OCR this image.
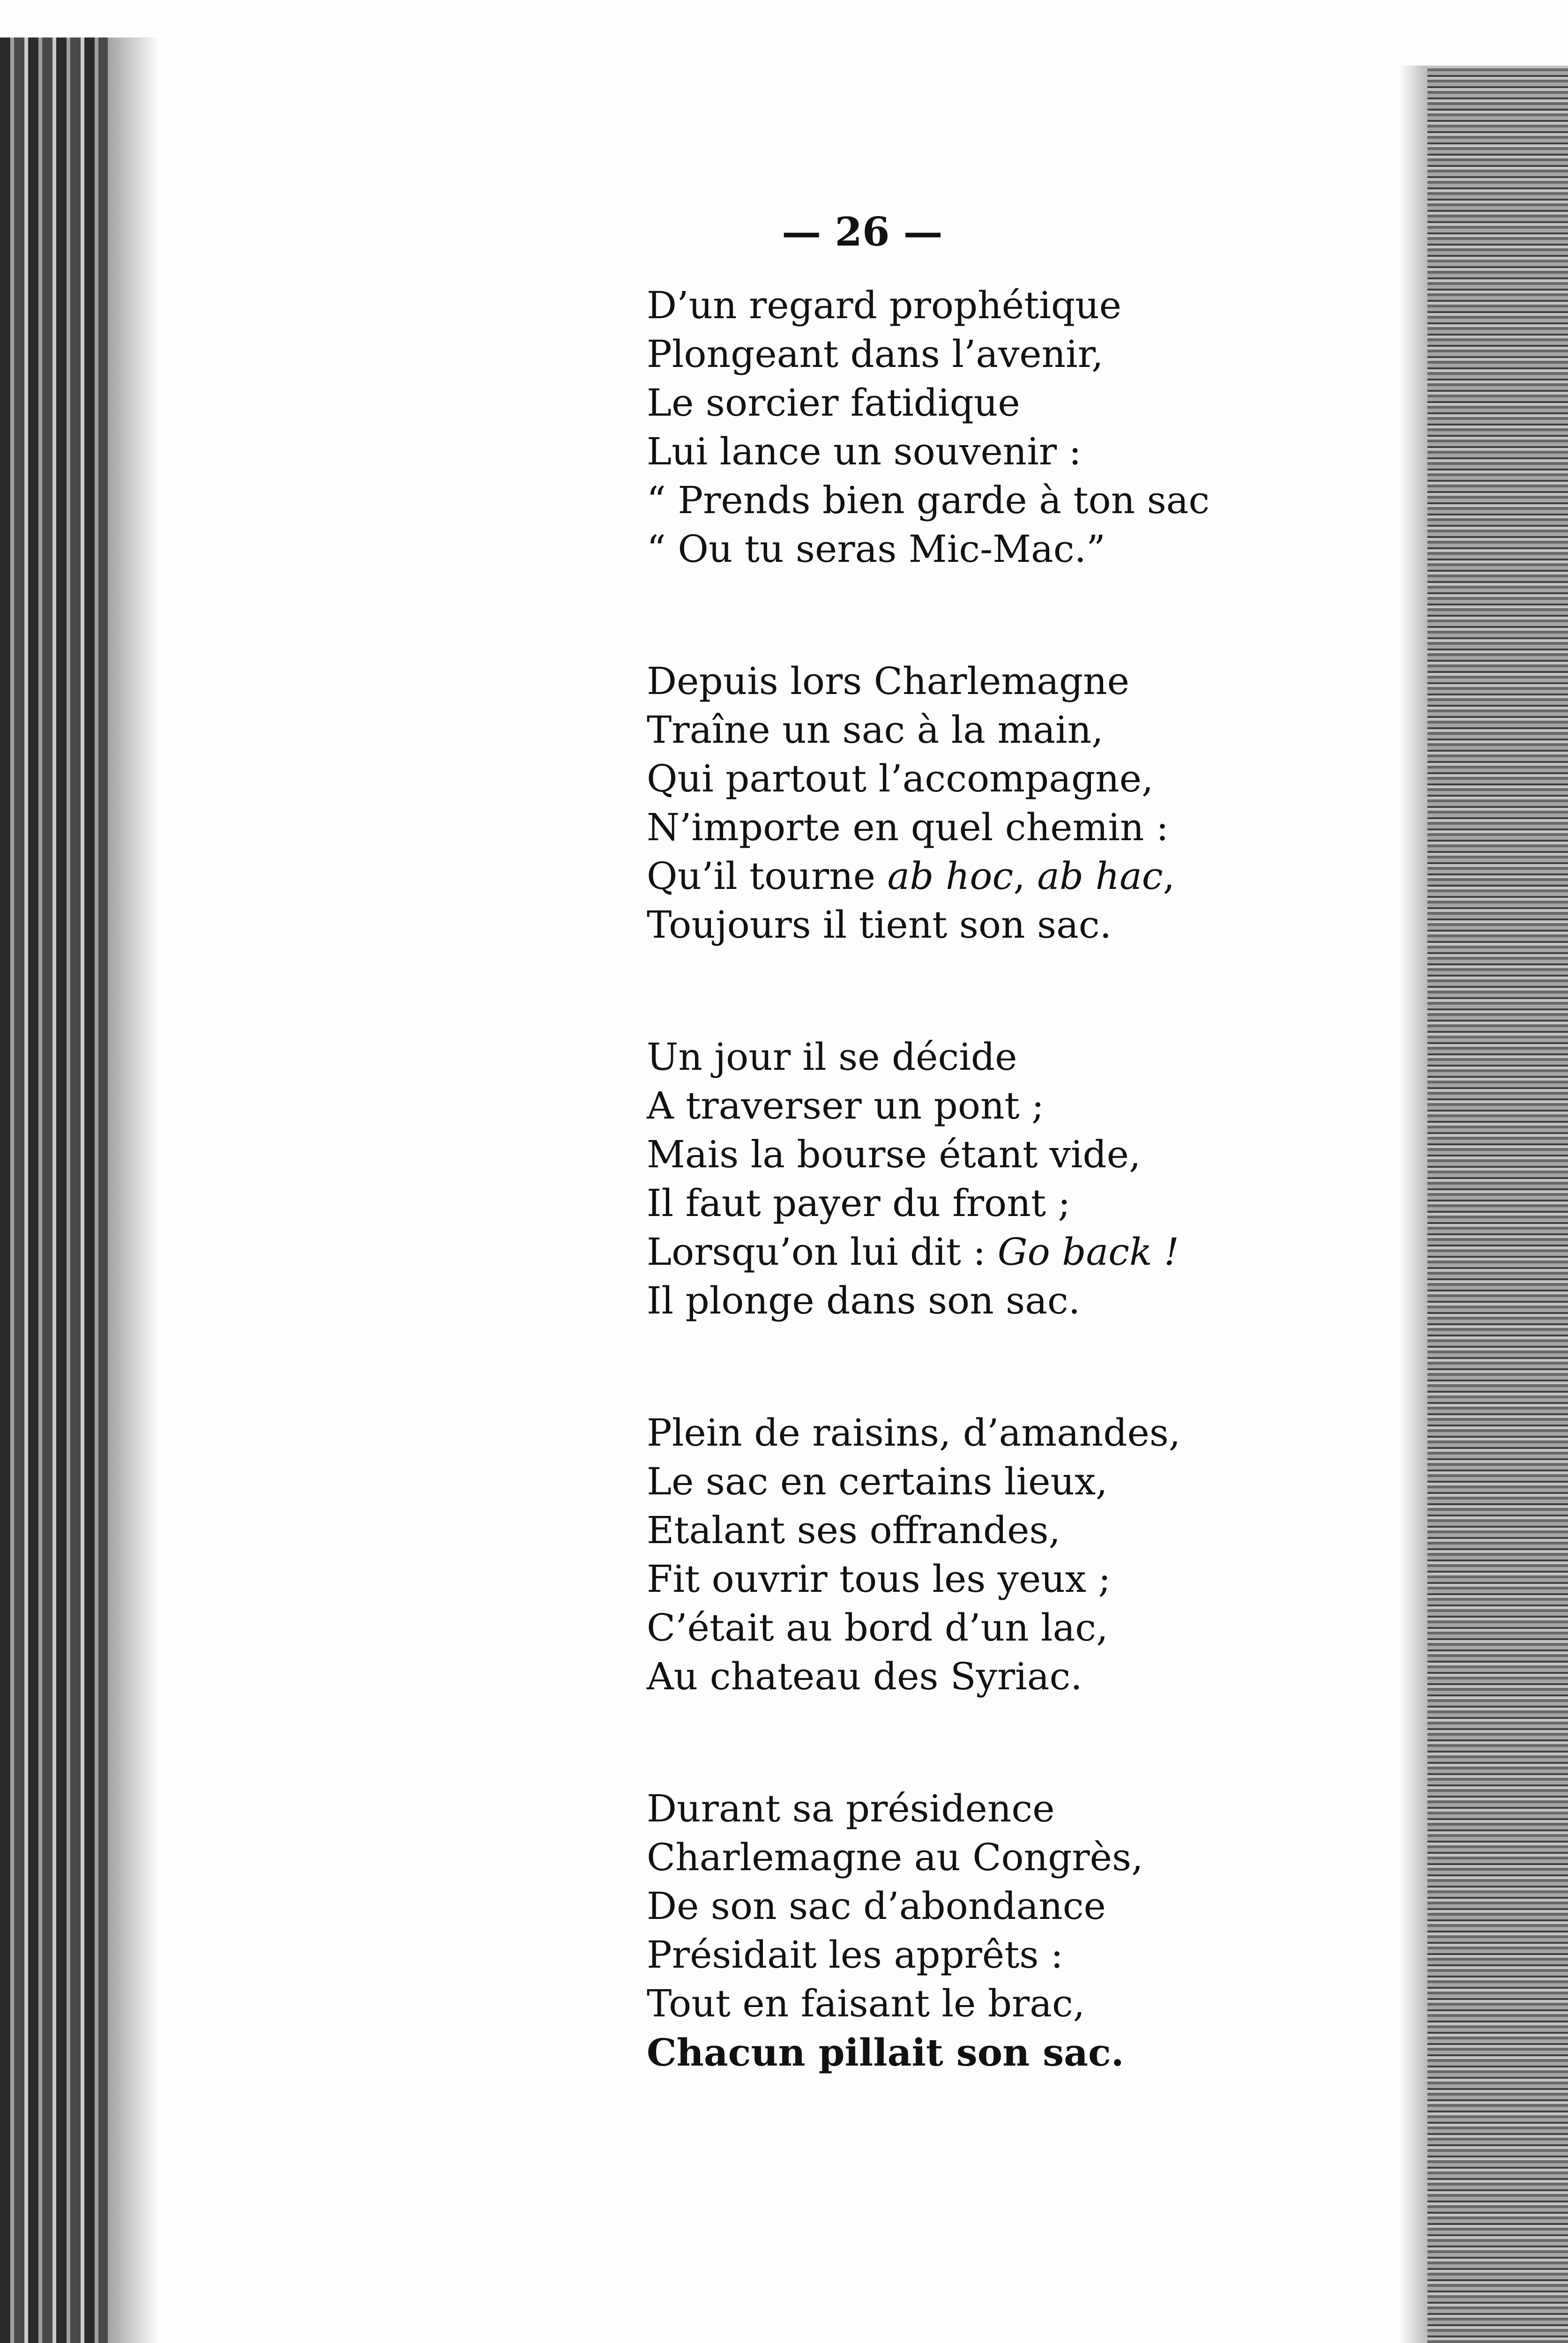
— 26 —
D’un regard prophétique
Plongeant dans l’avenir,
Le sorcier fatidique
Lui lance un souvenir :
“ Prends bien garde à ton sac
“ Ou tu seras Mic-Mac.”
Depuis lors Charlemagne
Traîne un sac à la main,
Qui partout l’accompagne,
N’importe en quel chemin :
Qu’il tourne ab hoc, ab hac,
Toujours il tient son sac.
Un jour il se décide
A traverser un pont ;
Mais la bourse étant vide,
Il faut payer du front ;
Lorsqu’on lui dit : Go back !
Il plonge dans son sac.
Plein de raisins, d’amandes,
Le sac en certains lieux,
Etalant ses offrandes,
Fit ouvrir tous les yeux ;
C’était au bord d’un lac,
Au chateau des Syriac.
Durant sa présidence
Charlemagne au Congrès,
De son sac d’abondance
Présidait les apprêts :
Tout en faisant le brac,
Chacun pillait son sac.
